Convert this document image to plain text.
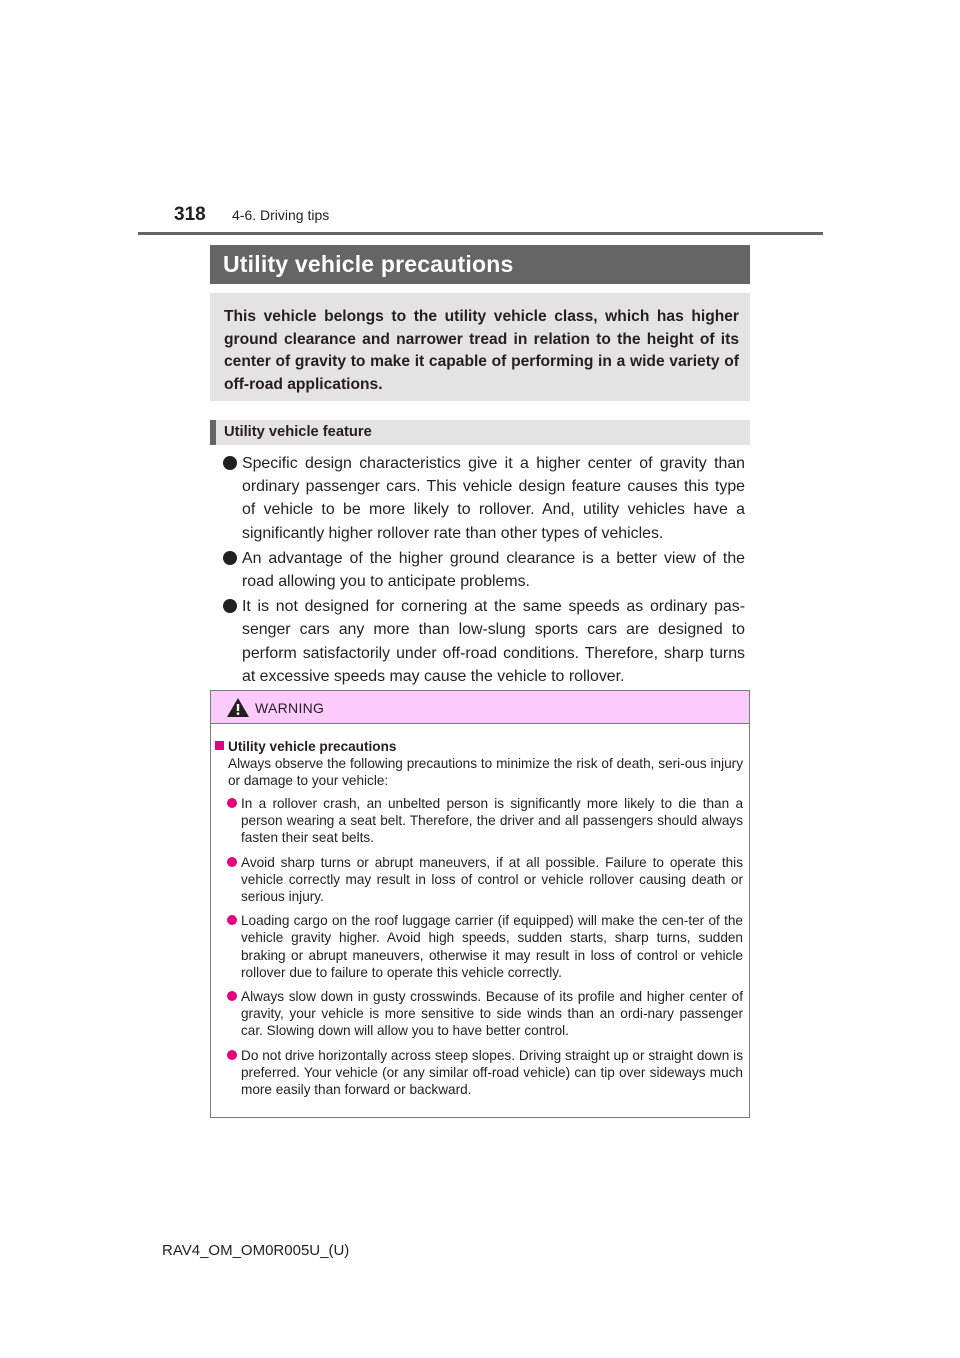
318 4-6. Driving tips
Utility vehicle precautions

This vehicle belongs to the utility vehicle class, which has higher ground clearance and narrower tread in relation to the height of its center of gravity to make it capable of performing in a wide variety of off-road applications.

Utility vehicle feature
Specific design characteristics give it a higher center of gravity than ordinary passenger cars. This vehicle design feature causes this type of vehicle to be more likely to rollover. And, utility vehicles have a significantly higher rollover rate than other types of vehicles.
An advantage of the higher ground clearance is a better view of the road allowing you to anticipate problems.
It is not designed for cornering at the same speeds as ordinary pas-senger cars any more than low-slung sports cars are designed to perform satisfactorily under off-road conditions. Therefore, sharp turns at excessive speeds may cause the vehicle to rollover.
WARNING
Utility vehicle precautions
Always observe the following precautions to minimize the risk of death, seri-ous injury or damage to your vehicle:
In a rollover crash, an unbelted person is significantly more likely to die than a person wearing a seat belt. Therefore, the driver and all passengers should always fasten their seat belts.
Avoid sharp turns or abrupt maneuvers, if at all possible. Failure to operate this vehicle correctly may result in loss of control or vehicle rollover causing death or serious injury.
Loading cargo on the roof luggage carrier (if equipped) will make the cen-ter of the vehicle gravity higher. Avoid high speeds, sudden starts, sharp turns, sudden braking or abrupt maneuvers, otherwise it may result in loss of control or vehicle rollover due to failure to operate this vehicle correctly.
Always slow down in gusty crosswinds. Because of its profile and higher center of gravity, your vehicle is more sensitive to side winds than an ordi-nary passenger car. Slowing down will allow you to have better control.
Do not drive horizontally across steep slopes. Driving straight up or straight down is preferred. Your vehicle (or any similar off-road vehicle) can tip over sideways much more easily than forward or backward.
RAV4_OM_OM0R005U_(U)
